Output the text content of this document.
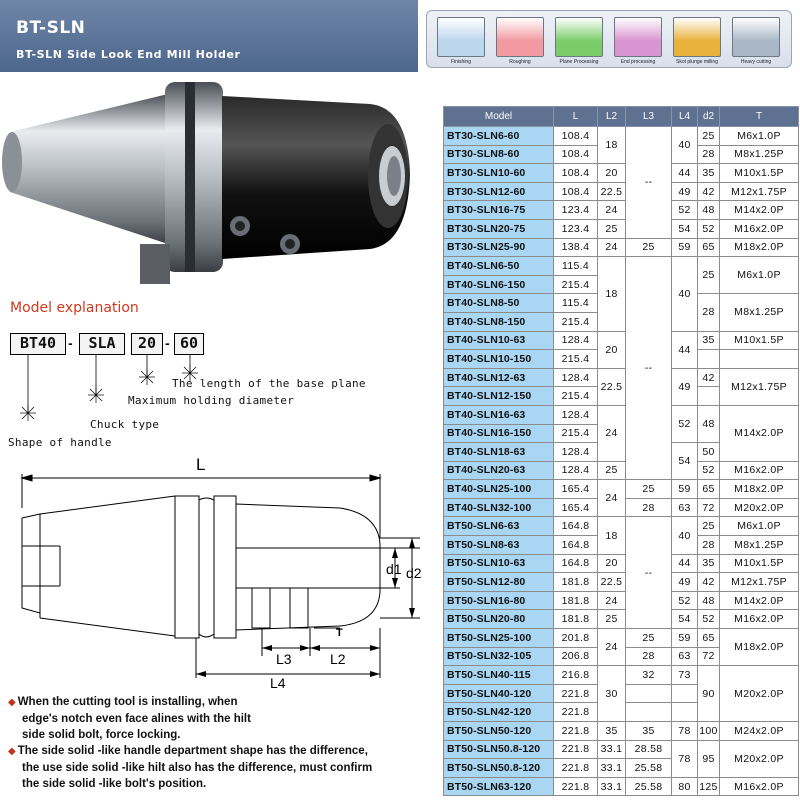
BT-SLN
BT-SLN Side Look End Mill Holder
Finishing	Roughing	Plane Processing	End processing	Skot plunge milling	Heavy cutting
Model explanation
BT40 -	SLA	20 - 60
The length of the base plane
Maximum holding diameter
Chuck type
Shape of handle
L
d1 d2
T
L3	L2
L4
◆ When the cutting tool is installing, when
edge's notch even face alines with the hilt
side solid bolt, force locking.
◆ The side solid -like handle department shape has the difference,
the use side solid -like hilt also has the difference, must confirm
the side solid -like bolt's position.
Model	L	L2	L3	L4	d2	T
BT30-SLN6-60	108.4	18	--	40	25	M6x1.0P
BT30-SLN8-60	108.4				28	M8x1.25P
BT30-SLN10-60	108.4	20		44	35	M10x1.5P
BT30-SLN12-60	108.4	22.5		49	42	M12x1.75P
BT30-SLN16-75	123.4	24		52	48	M14x2.0P
BT30-SLN20-75	123.4	25		54	52	M16x2.0P
BT30-SLN25-90	138.4	24	25	59	65	M18x2.0P
BT40-SLN6-50	115.4	18	--	40	25	M6x1.0P
BT40-SLN6-150	215.4					
BT40-SLN8-50	115.4				28	M8x1.25P
BT40-SLN8-150	215.4					
BT40-SLN10-63	128.4	20		44	35	M10x1.5P
BT40-SLN10-150	215.4					
BT40-SLN12-63	128.4	22.5		49	42	M12x1.75P
BT40-SLN12-150	215.4					
BT40-SLN16-63	128.4	24		52	48	M14x2.0P
BT40-SLN16-150	215.4					
BT40-SLN18-63	128.4			54	50	
BT40-SLN20-63	128.4	25			52	M16x2.0P
BT40-SLN25-100	165.4	24	25	59	65	M18x2.0P
BT40-SLN32-100	165.4		28	63	72	M20x2.0P
BT50-SLN6-63	164.8	18	--	40	25	M6x1.0P
BT50-SLN8-63	164.8				28	M8x1.25P
BT50-SLN10-63	164.8	20		44	35	M10x1.5P
BT50-SLN12-80	181.8	22.5		49	42	M12x1.75P
BT50-SLN16-80	181.8	24		52	48	M14x2.0P
BT50-SLN20-80	181.8	25		54	52	M16x2.0P
BT50-SLN25-100	201.8	24	25	59	65	M18x2.0P
BT50-SLN32-105	206.8		28	63	72	
BT50-SLN40-115	216.8	30	32	73	90	M20x2.0P
BT50-SLN40-120	221.8					
BT50-SLN42-120	221.8					
BT50-SLN50-120	221.8	35	35	78	100	M24x2.0P
BT50-SLN50.8-120	221.8	33.1	28.58	78	95	M20x2.0P
BT50-SLN50.8-120	221.8	33.1	25.58			
BT50-SLN63-120	221.8	33.1	25.58	80	125	M16x2.0P
